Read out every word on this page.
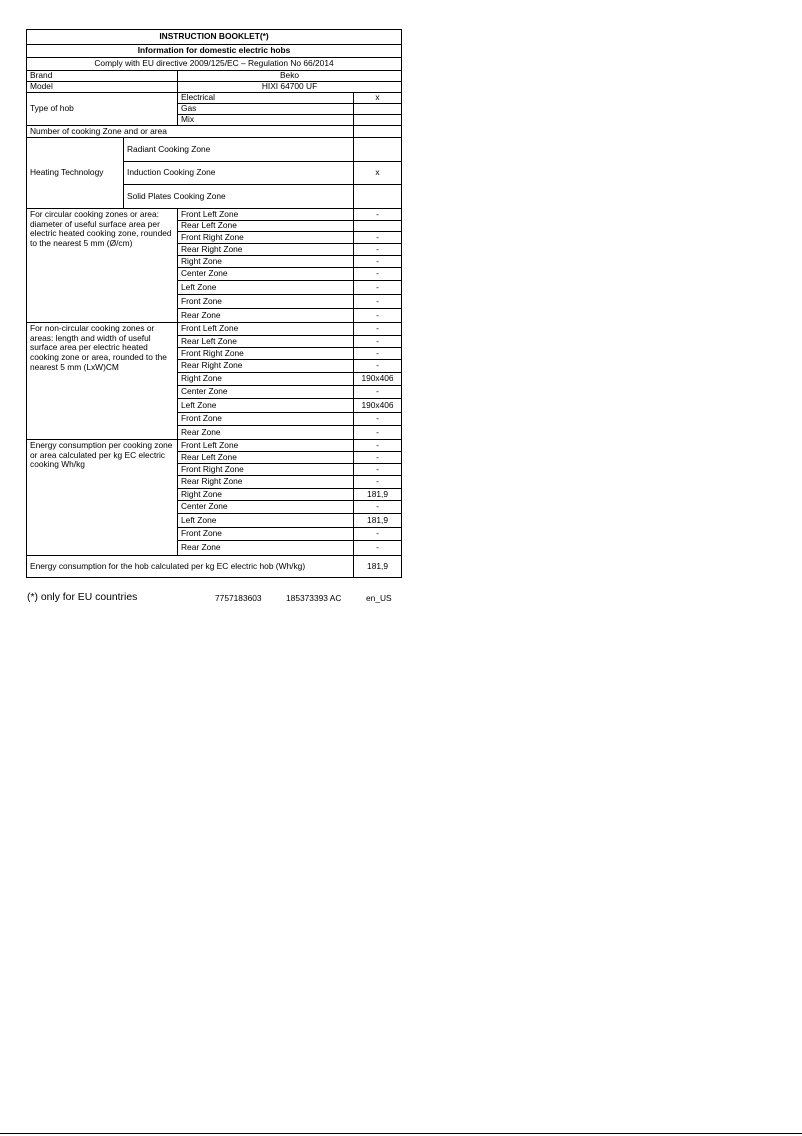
INSTRUCTION BOOKLET(*)			
Information for domestic electric hobs			
Comply with EU directive 2009/125/EC – Regulation No 66/2014			
Brand		Beko	
Model		HIXI 64700 UF	
Type of hob		Electrical	x
		Gas	
		Mix	
Number of cooking Zone and or area			
Heating Technology	Radiant Cooking Zone		
	Induction Cooking Zone		x
	Solid Plates Cooking Zone		
For circular cooking zones or area: diameter of useful surface area per electric heated cooking zone, rounded to the nearest 5 mm (Ø/cm)		Front Left Zone	-
		Rear Left Zone	
		Front Right Zone	-
		Rear Right Zone	-
		Right Zone	-
		Center Zone	-
		Left Zone	-
		Front Zone	-
		Rear Zone	-
For non-circular cooking zones or areas: length and width of useful surface area per electric heated cooking zone or area, rounded to the nearest 5 mm (LxW)CM		Front Left Zone	-
		Rear Left Zone	-
		Front Right Zone	-
		Rear Right Zone	-
		Right Zone	190x406
		Center Zone	-
		Left Zone	190x406
		Front Zone	-
		Rear Zone	-
Energy consumption per cooking zone or area calculated per kg EC electric cooking Wh/kg		Front Left Zone	-
		Rear Left Zone	-
		Front Right Zone	-
		Rear Right Zone	-
		Right Zone	181,9
		Center Zone	-
		Left Zone	181,9
		Front Zone	-
		Rear Zone	-
Energy consumption for the hob calculated per kg EC electric hob (Wh/kg)			181,9
(*) only for EU countries	7757183603	185373393 AC	en_US
